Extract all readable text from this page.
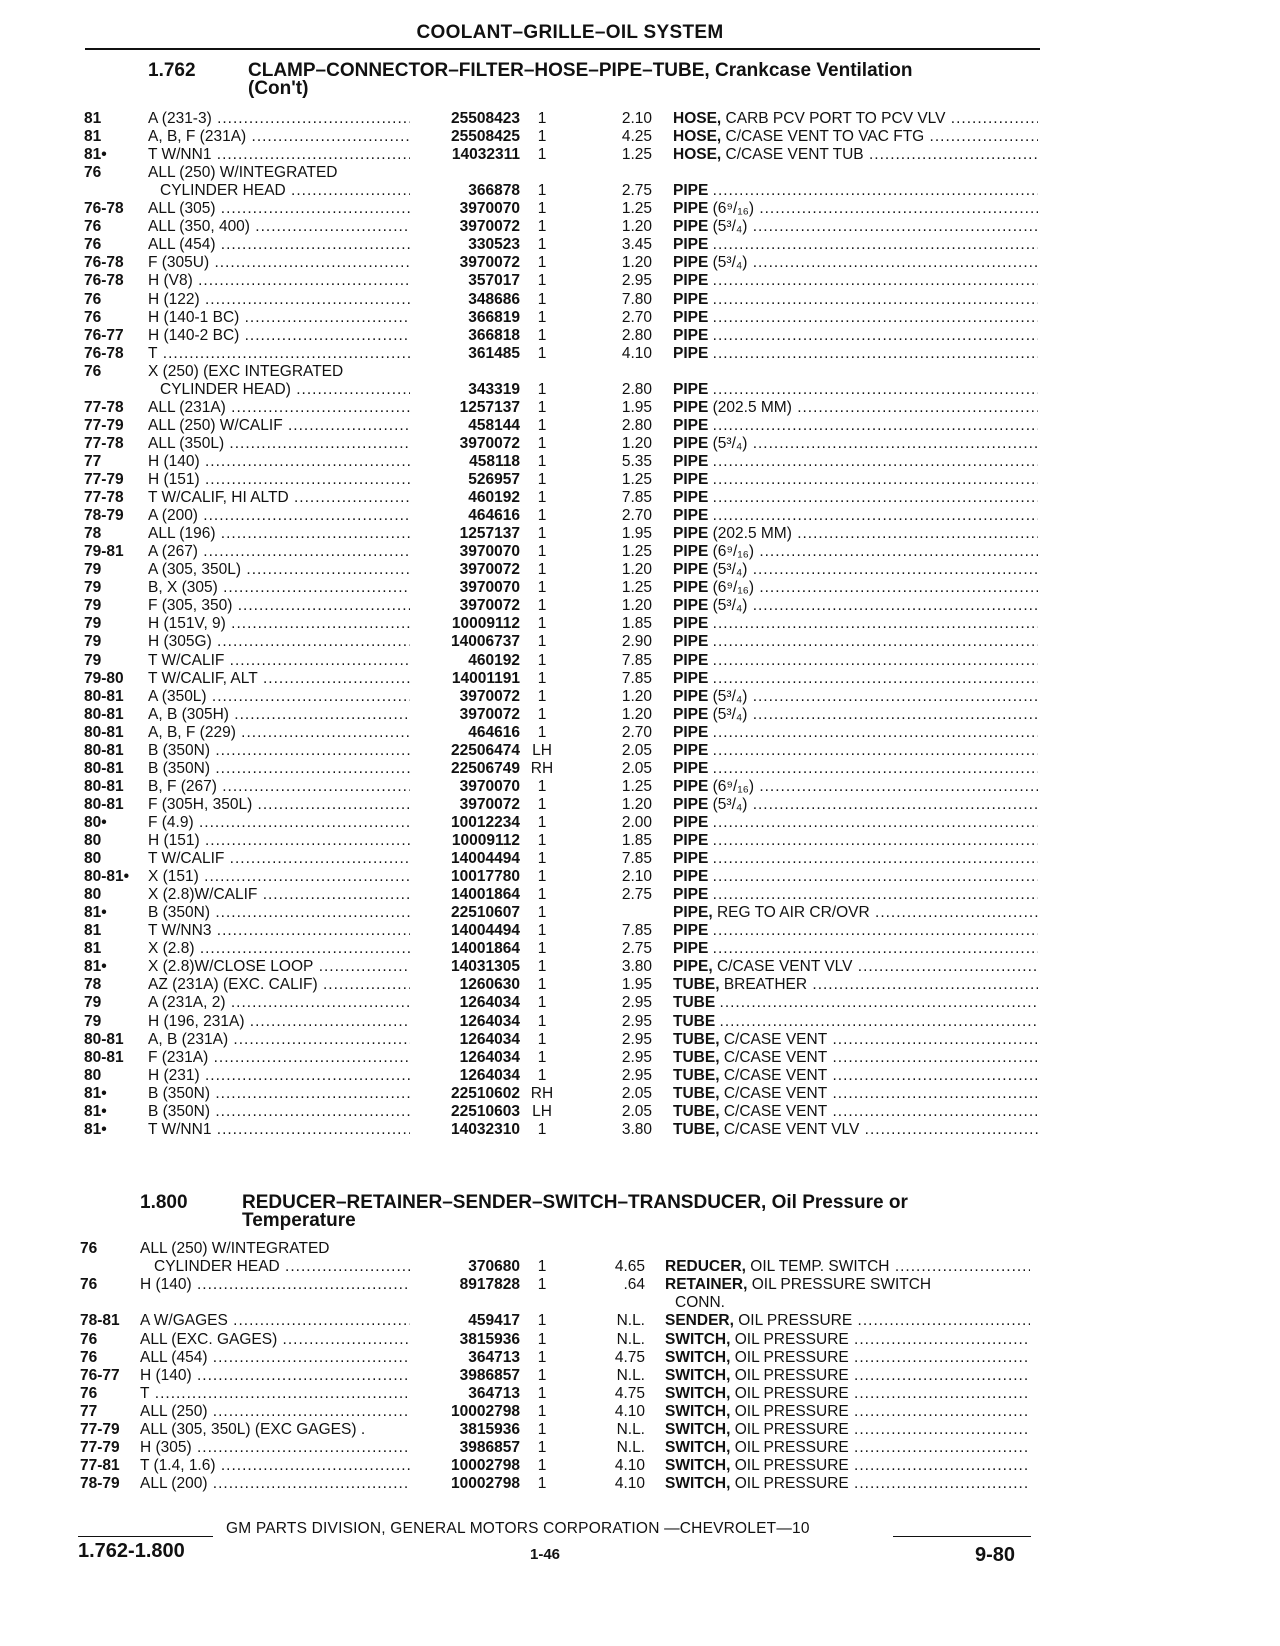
COOLANT–GRILLE–OIL SYSTEM
1.762	CLAMP–CONNECTOR–FILTER–HOSE–PIPE–TUBE, Crankcase Ventilation
(Con't)
81	A (231-3) .....	25508423	1	2.10 HOSE, CARB PCV PORT TO PCV VLV .....
81	A, B, F (231A) .....	25508425	1	4.25 HOSE, C/CASE VENT TO VAC FTG .....
81•	T W/NN1 .....	14032311	1	1.25 HOSE, C/CASE VENT TUB .....
76	ALL (250) W/INTEGRATED
CYLINDER HEAD .....	366878	1	2.75 PIPE .....
76-78	ALL (305) .....	3970070	1	1.25 PIPE (6⁹/₁₆) .....
76	ALL (350, 400) .....	3970072	1	1.20 PIPE (5³/₄) .....
76	ALL (454) .....	330523	1	3.45 PIPE .....
76-78	F (305U) .....	3970072	1	1.20 PIPE (5³/₄) .....
76-78	H (V8) .....	357017	1	2.95 PIPE .....
76	H (122) .....	348686	1	7.80 PIPE .....
76	H (140-1 BC) .....	366819	1	2.70 PIPE .....
76-77	H (140-2 BC) .....	366818	1	2.80 PIPE .....
76-78	T .....	361485	1	4.10 PIPE .....
76	X (250) (EXC INTEGRATED
CYLINDER HEAD) .....	343319	1	2.80 PIPE .....
77-78	ALL (231A) .....	1257137	1	1.95 PIPE (202.5 MM) .....
77-79	ALL (250) W/CALIF .....	458144	1	2.80 PIPE .....
77-78	ALL (350L) .....	3970072	1	1.20 PIPE (5³/₄) .....
77	H (140) .....	458118	1	5.35 PIPE .....
77-79	H (151) .....	526957	1	1.25 PIPE .....
77-78	T W/CALIF, HI ALTD .....	460192	1	7.85 PIPE .....
78-79	A (200) .....	464616	1	2.70 PIPE .....
78	ALL (196) .....	1257137	1	1.95 PIPE (202.5 MM) .....
79-81	A (267) .....	3970070	1	1.25 PIPE (6⁹/₁₆) .....
79	A (305, 350L) .....	3970072	1	1.20 PIPE (5³/₄) .....
79	B, X (305) .....	3970070	1	1.25 PIPE (6⁹/₁₆) .....
79	F (305, 350) .....	3970072	1	1.20 PIPE (5³/₄) .....
79	H (151V, 9) .....	10009112	1	1.85 PIPE .....
79	H (305G) .....	14006737	1	2.90 PIPE .....
79	T W/CALIF .....	460192	1	7.85 PIPE .....
79-80	T W/CALIF, ALT .....	14001191	1	7.85 PIPE .....
80-81	A (350L) .....	3970072	1	1.20 PIPE (5³/₄) .....
80-81	A, B (305H) .....	3970072	1	1.20 PIPE (5³/₄) .....
80-81	A, B, F (229) .....	464616	1	2.70 PIPE .....
80-81	B (350N) .....	22506474 LH	2.05 PIPE .....
80-81	B (350N) .....	22506749 RH	2.05 PIPE .....
80-81	B, F (267) .....	3970070	1	1.25 PIPE (6⁹/₁₆) .....
80-81	F (305H, 350L) .....	3970072	1	1.20 PIPE (5³/₄) .....
80•	F (4.9) .....	10012234	1	2.00 PIPE .....
80	H (151) .....	10009112	1	1.85 PIPE .....
80	T W/CALIF .....	14004494	1	7.85 PIPE .....
80-81•	X (151) .....	10017780	1	2.10 PIPE .....
80	X (2.8)W/CALIF .....	14001864	1	2.75 PIPE .....
81•	B (350N) .....	22510607	1	PIPE, REG TO AIR CR/OVR .....
81	T W/NN3 .....	14004494	1	7.85 PIPE .....
81	X (2.8) .....	14001864	1	2.75 PIPE .....
81•	X (2.8)W/CLOSE LOOP .....	14031305	1	3.80 PIPE, C/CASE VENT VLV .....
78	AZ (231A) (EXC. CALIF) .....	1260630	1	1.95 TUBE, BREATHER .....
79	A (231A, 2) .....	1264034	1	2.95 TUBE .....
79	H (196, 231A) .....	1264034	1	2.95 TUBE .....
80-81	A, B (231A) .....	1264034	1	2.95 TUBE, C/CASE VENT .....
80-81	F (231A) .....	1264034	1	2.95 TUBE, C/CASE VENT .....
80	H (231) .....	1264034	1	2.95 TUBE, C/CASE VENT .....
81•	B (350N) .....	22510602 RH	2.05 TUBE, C/CASE VENT .....
81•	B (350N) .....	22510603 LH	2.05 TUBE, C/CASE VENT .....
81•	T W/NN1 .....	14032310	1	3.80 TUBE, C/CASE VENT VLV .....
1.800	REDUCER–RETAINER–SENDER–SWITCH–TRANSDUCER, Oil Pressure or
Temperature
76	ALL (250) W/INTEGRATED
CYLINDER HEAD .....	370680	1	4.65 REDUCER, OIL TEMP. SWITCH .....
76	H (140) .....	8917828	1	.64 RETAINER, OIL PRESSURE SWITCH
CONN.
78-81	A W/GAGES .....	459417	1	N.L. SENDER, OIL PRESSURE .....
76	ALL (EXC. GAGES) .....	3815936	1	N.L. SWITCH, OIL PRESSURE .....
76	ALL (454) .....	364713	1	4.75 SWITCH, OIL PRESSURE .....
76-77	H (140) .....	3986857	1	N.L. SWITCH, OIL PRESSURE .....
76	T .....	364713	1	4.75 SWITCH, OIL PRESSURE .....
77	ALL (250) .....	10002798	1	4.10 SWITCH, OIL PRESSURE .....
77-79	ALL (305, 350L) (EXC GAGES) .	3815936	1	N.L. SWITCH, OIL PRESSURE .....
77-79	H (305) .....	3986857	1	N.L. SWITCH, OIL PRESSURE .....
77-81	T (1.4, 1.6) .....	10002798	1	4.10 SWITCH, OIL PRESSURE .....
78-79	ALL (200) .....	10002798	1	4.10 SWITCH, OIL PRESSURE .....
GM PARTS DIVISION, GENERAL MOTORS CORPORATION —CHEVROLET—10
1.762-1.800	1-46	9-80
